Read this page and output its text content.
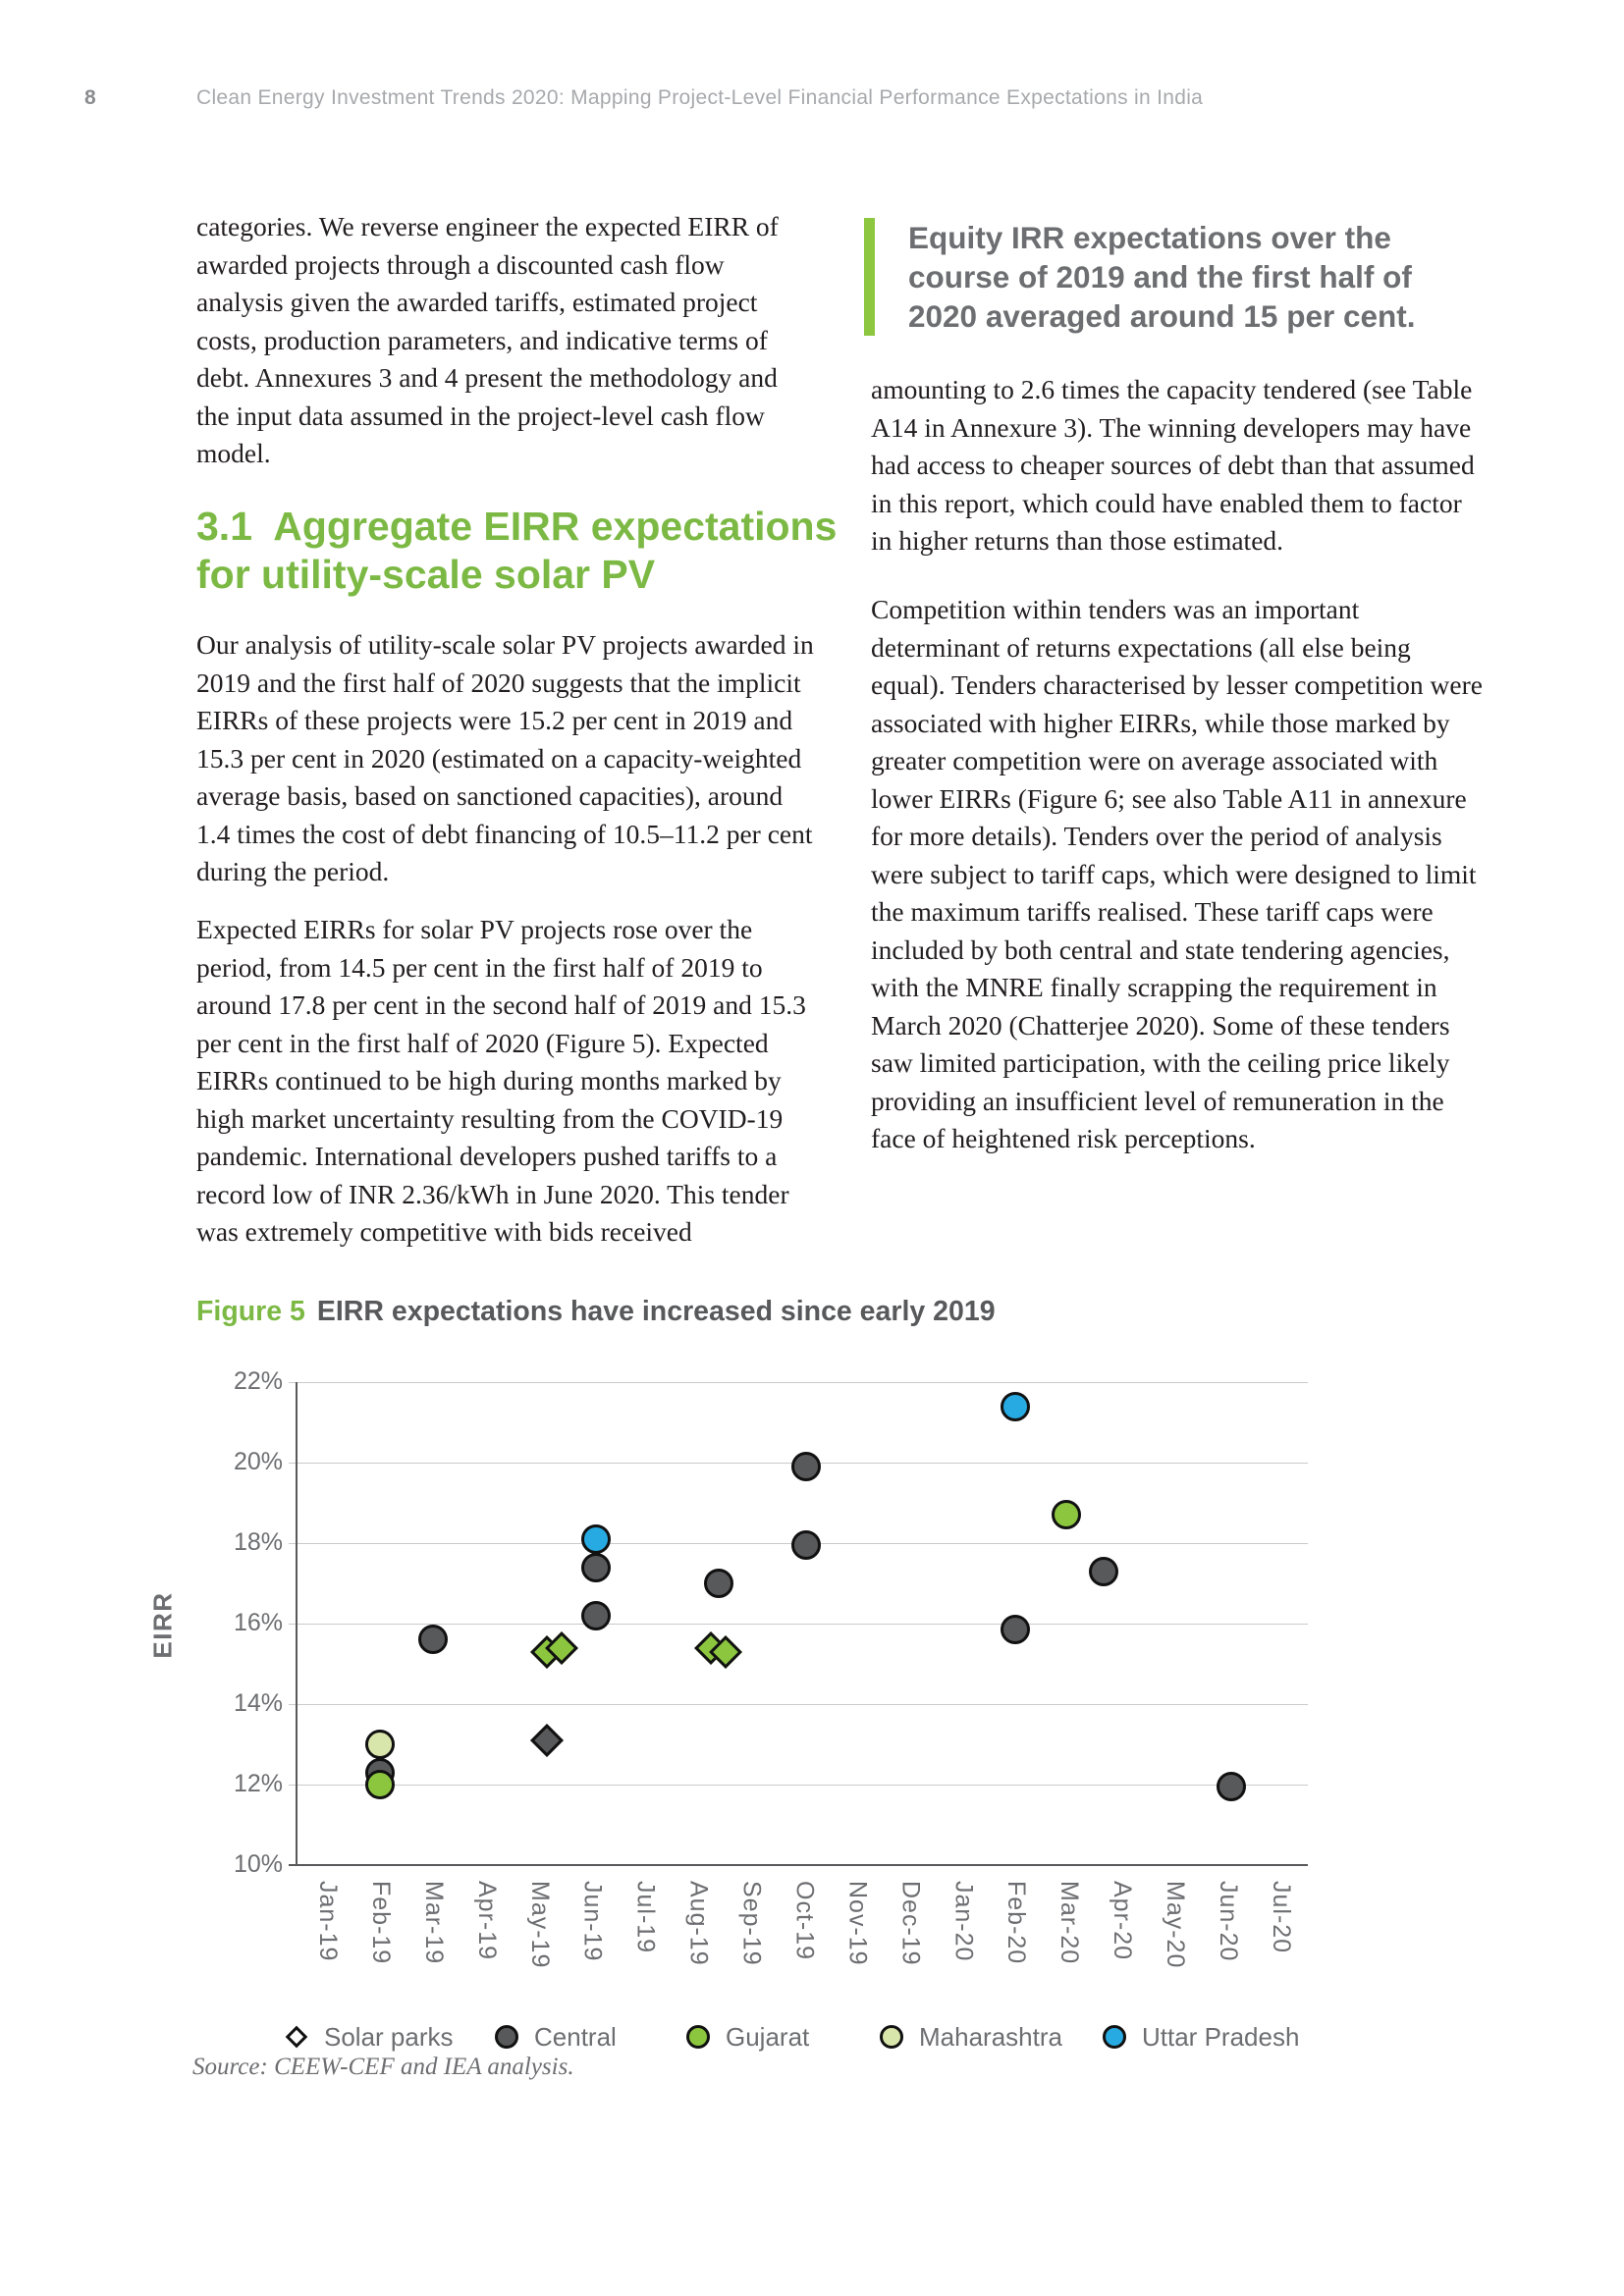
8	Clean Energy Investment Trends 2020: Mapping Project-Level Financial Performance Expectations in India
categories. We reverse engineer the expected EIRR of awarded projects through a discounted cash flow analysis given the awarded tariffs, estimated project costs, production parameters, and indicative terms of debt. Annexures 3 and 4 present the methodology and the input data assumed in the project-level cash flow model.
3.1  Aggregate EIRR expectations for utility-scale solar PV
Our analysis of utility-scale solar PV projects awarded in 2019 and the first half of 2020 suggests that the implicit EIRRs of these projects were 15.2 per cent in 2019 and 15.3 per cent in 2020 (estimated on a capacity-weighted average basis, based on sanctioned capacities), around 1.4 times the cost of debt financing of 10.5–11.2 per cent during the period.
Expected EIRRs for solar PV projects rose over the period, from 14.5 per cent in the first half of 2019 to around 17.8 per cent in the second half of 2019 and 15.3 per cent in the first half of 2020 (Figure 5). Expected EIRRs continued to be high during months marked by high market uncertainty resulting from the COVID-19 pandemic. International developers pushed tariffs to a record low of INR 2.36/kWh in June 2020. This tender was extremely competitive with bids received
Equity IRR expectations over the course of 2019 and the first half of 2020 averaged around 15 per cent.
amounting to 2.6 times the capacity tendered (see Table A14 in Annexure 3). The winning developers may have had access to cheaper sources of debt than that assumed in this report, which could have enabled them to factor in higher returns than those estimated.
Competition within tenders was an important determinant of returns expectations (all else being equal). Tenders characterised by lesser competition were associated with higher EIRRs, while those marked by greater competition were on average associated with lower EIRRs (Figure 6; see also Table A11 in annexure for more details). Tenders over the period of analysis were subject to tariff caps, which were designed to limit the maximum tariffs realised. These tariff caps were included by both central and state tendering agencies, with the MNRE finally scrapping the requirement in March 2020 (Chatterjee 2020). Some of these tenders saw limited participation, with the ceiling price likely providing an insufficient level of remuneration in the face of heightened risk perceptions.
Figure 5 EIRR expectations have increased since early 2019
EIRR
10%
12%
14%
16%
18%
20%
22%
Jan-19 Feb-19 Mar-19 Apr-19 May-19 Jun-19 Jul-19 Aug-19 Sep-19 Oct-19 Nov-19 Dec-19 Jan-20 Feb-20 Mar-20 Apr-20 May-20 Jun-20 Jul-20
Solar parks	Central	Gujarat	Maharashtra	Uttar Pradesh
Source: CEEW-CEF and IEA analysis.
